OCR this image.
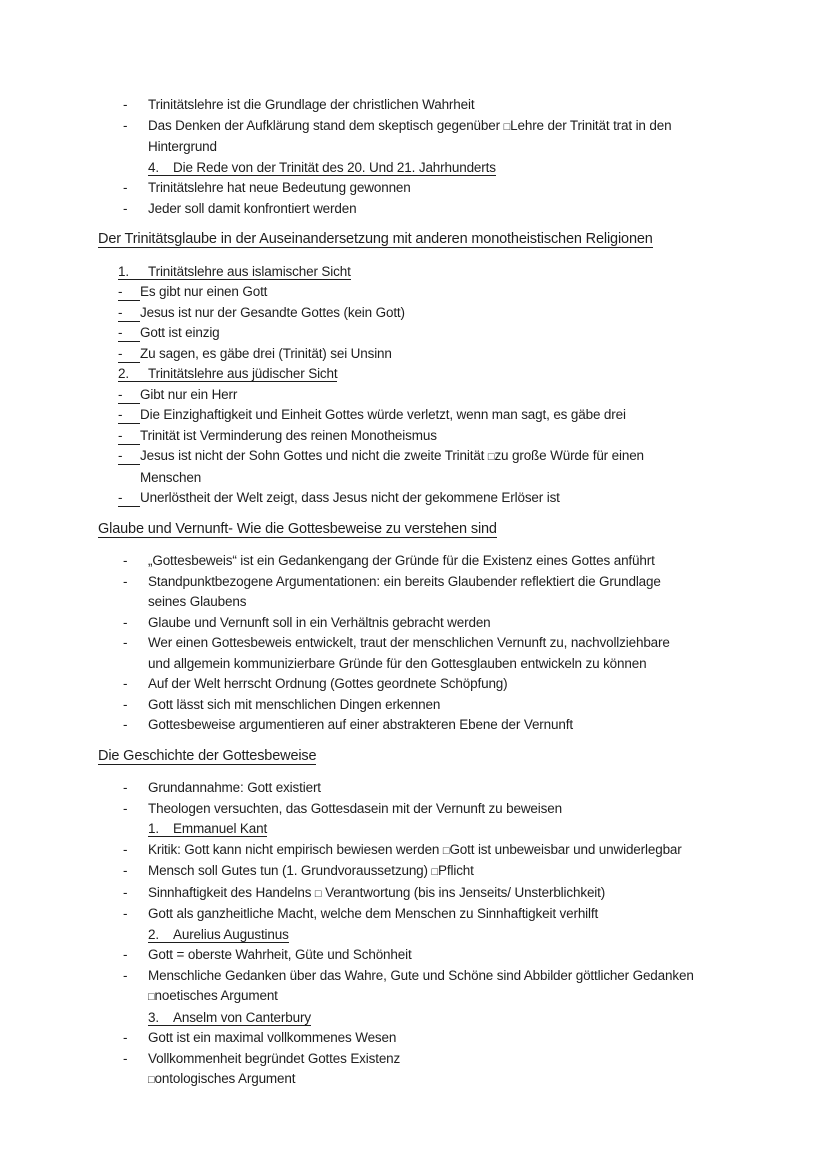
-	Trinitätslehre ist die Grundlage der christlichen Wahrheit
-	Das Denken der Aufklärung stand dem skeptisch gegenüber □Lehre der Trinität trat in den
Hintergrund
4. Die Rede von der Trinität des 20. Und 21. Jahrhunderts
-	Trinitätslehre hat neue Bedeutung gewonnen
-	Jeder soll damit konfrontiert werden
Der Trinitätsglaube in der Auseinandersetzung mit anderen monotheistischen Religionen
1. Trinitätslehre aus islamischer Sicht
-	Es gibt nur einen Gott
-	Jesus ist nur der Gesandte Gottes (kein Gott)
-	Gott ist einzig
-	Zu sagen, es gäbe drei (Trinität) sei Unsinn
2. Trinitätslehre aus jüdischer Sicht
-	Gibt nur ein Herr
-	Die Einzighaftigkeit und Einheit Gottes würde verletzt, wenn man sagt, es gäbe drei
-	Trinität ist Verminderung des reinen Monotheismus
-	Jesus ist nicht der Sohn Gottes und nicht die zweite Trinität □zu große Würde für einen
Menschen
-	Unerlöstheit der Welt zeigt, dass Jesus nicht der gekommene Erlöser ist
Glaube und Vernunft- Wie die Gottesbeweise zu verstehen sind
-	„Gottesbeweis“ ist ein Gedankengang der Gründe für die Existenz eines Gottes anführt
-	Standpunktbezogene Argumentationen: ein bereits Glaubender reflektiert die Grundlage
seines Glaubens
-	Glaube und Vernunft soll in ein Verhältnis gebracht werden
-	Wer einen Gottesbeweis entwickelt, traut der menschlichen Vernunft zu, nachvollziehbare
und allgemein kommunizierbare Gründe für den Gottesglauben entwickeln zu können
-	Auf der Welt herrscht Ordnung (Gottes geordnete Schöpfung)
-	Gott lässt sich mit menschlichen Dingen erkennen
-	Gottesbeweise argumentieren auf einer abstrakteren Ebene der Vernunft
Die Geschichte der Gottesbeweise
-	Grundannahme: Gott existiert
-	Theologen versuchten, das Gottesdasein mit der Vernunft zu beweisen
1. Emmanuel Kant
-	Kritik: Gott kann nicht empirisch bewiesen werden □Gott ist unbeweisbar und unwiderlegbar
-	Mensch soll Gutes tun (1. Grundvoraussetzung) □Pflicht
-	Sinnhaftigkeit des Handelns □ Verantwortung (bis ins Jenseits/ Unsterblichkeit)
-	Gott als ganzheitliche Macht, welche dem Menschen zu Sinnhaftigkeit verhilft
2. Aurelius Augustinus
-	Gott = oberste Wahrheit, Güte und Schönheit
-	Menschliche Gedanken über das Wahre, Gute und Schöne sind Abbilder göttlicher Gedanken
□noetisches Argument
3. Anselm von Canterbury
-	Gott ist ein maximal vollkommenes Wesen
-	Vollkommenheit begründet Gottes Existenz
□ontologisches Argument
